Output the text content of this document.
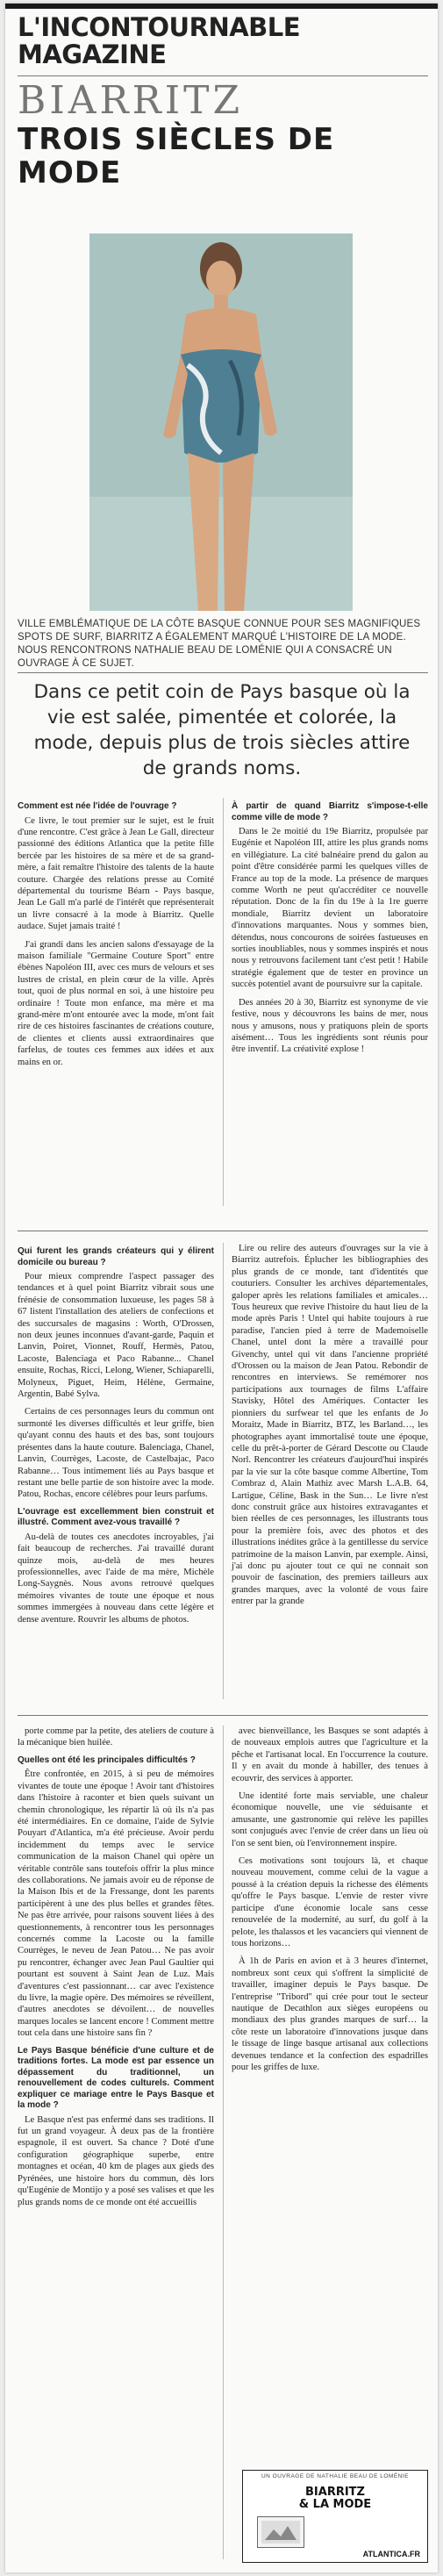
L'INCONTOURNABLE MAGAZINE
BIARRITZ
TROIS SIÈCLES DE MODE

VILLE EMBLÉMATIQUE DE LA CÔTE BASQUE CONNUE POUR SES MAGNIFIQUES SPOTS DE SURF, BIARRITZ A ÉGALEMENT MARQUÉ L'HISTOIRE DE LA MODE. NOUS RENCONTRONS NATHALIE BEAU DE LOMÉNIE QUI A CONSACRÉ UN OUVRAGE À CE SUJET.

Dans ce petit coin de Pays basque où la vie est salée, pimentée et colorée, la mode, depuis plus de trois siècles attire de grands noms.

Comment est née l'idée de l'ouvrage ?

Ce livre, le tout premier sur le sujet, est le fruit d'une rencontre. C'est grâce à Jean Le Gall, directeur passionné des éditions Atlantica que la petite fille bercée par les histoires de sa mère et de sa grand-mère, a fait remaître l'histoire des talents de la haute couture. Chargée des relations presse au Comité départemental du tourisme Béarn - Pays basque, Jean Le Gall m'a parlé de l'intérêt que représenterait un livre consacré à la mode à Biarritz. Quelle audace. Sujet jamais traité !

J'ai grandi dans les ancien salons d'essayage de la maison familiale "Germaine Couture Sport" entre ébènes Napoléon III, avec ces murs de velours et ses lustres de cristal, en plein cœur de la ville. Après tout, quoi de plus normal en soi, à une histoire peu ordinaire ! Toute mon enfance, ma mère et ma grand-mère m'ont entourée avec la mode, m'ont fait rire de ces histoires fascinantes de créations couture, de clientes et clients aussi extraordinaires que farfelus, de toutes ces femmes aux idées et aux mains en or.

À partir de quand Biarritz s'impose-t-elle comme ville de mode ?

Dans le 2e moitié du 19e Biarritz, propulsée par Eugénie et Napoléon III, attire les plus grands noms en villégiature. La cité balnéaire prend du galon au point d'être considérée parmi les quelques villes de France au top de la mode. La présence de marques comme Worth ne peut qu'accréditer ce nouvelle réputation. Donc de la fin du 19e à la 1re guerre mondiale, Biarritz devient un laboratoire d'innovations marquantes. Nous y sommes bien, détendus, nous concourons de soirées fastueuses en sorties inoubliables, nous y sommes inspirés et nous nous y retrouvons facilement tant c'est petit ! Habile stratégie également que de tester en province un succès potentiel avant de poursuivre sur la capitale.

Des années 20 à 30, Biarritz est synonyme de vie festive, nous y découvrons les bains de mer, nous nous y amusons, nous y pratiquons plein de sports aisément… Tous les ingrédients sont réunis pour être inventif. La créativité explose !

Qui furent les grands créateurs qui y élirent domicile ou bureau ?

Pour mieux comprendre l'aspect passager des tendances et à quel point Biarritz vibrait sous une frénésie de consommation luxueuse, les pages 58 à 67 listent l'installation des ateliers de confections et des succursales de magasins : Worth, O'Drossen, non deux jeunes inconnues d'avant-garde, Paquin et Lanvin, Poiret, Vionnet, Rouff, Hermès, Patou, Lacoste, Balenciaga et Paco Rabanne... Chanel ensuite, Rochas, Ricci, Lelong, Wiener, Schiaparelli, Molyneux, Piguet, Heim, Hélène, Germaine, Argentin, Babé Sylva.

Certains de ces personnages leurs du commun ont surmonté les diverses difficultés et leur griffe, bien qu'ayant connu des hauts et des bas, sont toujours présentes dans la haute couture. Balenciaga, Chanel, Lanvin, Courrèges, Lacoste, de Castelbajac, Paco Rabanne… Tous intimement liés au Pays basque et restant une belle partie de son histoire avec la mode. Patou, Rochas, encore célèbres pour leurs parfums.

L'ouvrage est excellemment bien construit et illustré. Comment avez-vous travaillé ?

Au-delà de toutes ces anecdotes incroyables, j'ai fait beaucoup de recherches. J'ai travaillé durant quinze mois, au-delà de mes heures professionnelles, avec l'aide de ma mère, Michèle Long-Saygnès. Nous avons retrouvé quelques mémoires vivantes de toute une époque et nous sommes immergées à nouveau dans cette légère et dense aventure. Rouvrir les albums de photos.

Lire ou relire des auteurs d'ouvrages sur la vie à Biarritz autrefois. Éplucher les bibliographies des plus grands de ce monde, tant d'identités que couturiers. Consulter les archives départementales, galoper après les relations familiales et amicales… Tous heureux que revive l'histoire du haut lieu de la mode après Paris ! Untel qui habite toujours à rue paradise, l'ancien pied à terre de Mademoiselle Chanel, untel dont la mère a travaillé pour Givenchy, untel qui vit dans l'ancienne propriété d'Orossen ou la maison de Jean Patou. Rebondir de rencontres en interviews. Se remémorer nos participations aux tournages de films L'affaire Stavisky, Hôtel des Amériques. Contacter les pionniers du surfwear tel que les enfants de Jo Moraitz, Made in Biarritz, BTZ, les Barland…, les photographes ayant immortalisé toute une époque, celle du prêt-à-porter de Gérard Descotte ou Claude Norl. Rencontrer les créateurs d'aujourd'hui inspirés par la vie sur la côte basque comme Albertine, Tom Combraz d, Alain Mathiz avec Marsh L.A.B. 64, Lartigue, Céline, Bask in the Sun… Le livre n'est donc construit grâce aux histoires extravagantes et bien réelles de ces personnages, les illustrants tous pour la première fois, avec des photos et des illustrations inédites grâce à la gentillesse du service patrimoine de la maison Lanvin, par exemple. Ainsi, j'ai donc pu ajouter tout ce qui ne connait son pouvoir de fascination, des premiers tailleurs aux grandes marques, avec la volonté de vous faire entrer par la grande

porte comme par la petite, des ateliers de couture à la mécanique bien huilée.

Quelles ont été les principales difficultés ?

Être confrontée, en 2015, à si peu de mémoires vivantes de toute une époque ! Avoir tant d'histoires dans l'histoire à raconter et bien quels suivant un chemin chronologique, les répartir là où ils n'a pas été intermédiaires. En ce domaine, l'aide de Sylvie Pouyart d'Atlantica, m'a été précieuse. Avoir perdu incidemment du temps avec le service communication de la maison Chanel qui opère un véritable contrôle sans toutefois offrir la plus mince des collaborations. Ne jamais avoir eu de réponse de la Maison Ibis et de la Fressange, dont les parents participèrent à une des plus belles et grandes fêtes. Ne pas être arrivée, pour raisons souvent liées à des questionnements, à rencontrer tous les personnages concernés comme la Lacoste ou la famille Courrèges, le neveu de Jean Patou… Ne pas avoir pu rencontrer, échanger avec Jean Paul Gaultier qui pourtant est souvent à Saint Jean de Luz. Mais d'aventures c'est passionnant… car avec l'existence du livre, la magie opère. Des mémoires se réveillent, d'autres anecdotes se dévoilent… de nouvelles marques locales se lancent encore ! Comment mettre tout cela dans une histoire sans fin ?

Le Pays Basque bénéficie d'une culture et de traditions fortes. La mode est par essence un dépassement du traditionnel, un renouvellement de codes culturels. Comment expliquer ce mariage entre le Pays Basque et la mode ?

Le Basque n'est pas enfermé dans ses traditions. Il fut un grand voyageur. À deux pas de la frontière espagnole, il est ouvert. Sa chance ? Doté d'une configuration géographique superbe, entre montagnes et océan, 40 km de plages aux gieds des Pyrénées, une histoire hors du commun, dès lors qu'Eugénie de Montijo y a posé ses valises et que les plus grands noms de ce monde ont été accueillis

avec bienveillance, les Basques se sont adaptés à de nouveaux emplois autres que l'agriculture et la pêche et l'artisanat local. En l'occurrence la couture. Il y en avait du monde à habiller, des tenues à ecouvrir, des services à apporter.

Une identité forte mais serviable, une chaleur économique nouvelle, une vie séduisante et amusante, une gastronomie qui relève les papilles sont conjugués avec l'envie de créer dans un lieu où l'on se sent bien, où l'environnement inspire.

Ces motivations sont toujours là, et chaque nouveau mouvement, comme celui de la vague a poussé à la création depuis la richesse des éléments qu'offre le Pays basque. L'envie de rester vivre participe d'une économie locale sans cesse renouvelée de la modernité, au surf, du golf à la pelote, les thalassos et les vacanciers qui viennent de tous horizons…

À 1h de Paris en avion et à 3 heures d'internet, nombreux sont ceux qui s'offrent la simplicité de travailler, imaginer depuis le Pays basque. De l'entreprise "Tribord" qui crée pour tout le secteur nautique de Decathlon aux sièges européens ou mondiaux des plus grandes marques de surf… la côte reste un laboratoire d'innovations jusque dans le tissage de linge basque artisanal aux collections devenues tendance et la confection des espadrilles pour les griffes de luxe.

UN OUVRAGE DE NATHALIE BEAU DE LOMÉNIE

BIARRITZ
& LA MODE

ATLANTICA.FR
